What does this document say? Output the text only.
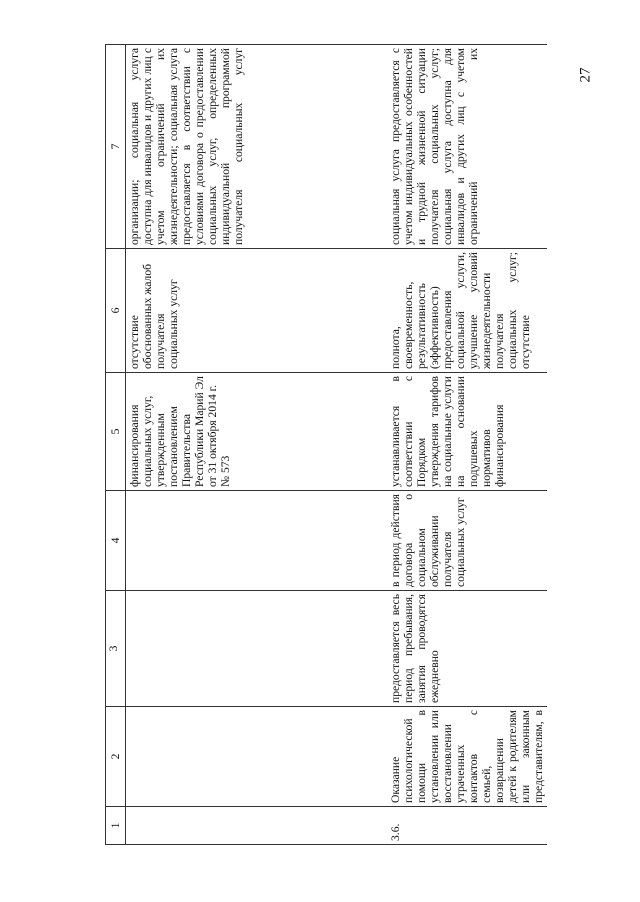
27
1	2	3	4	5	6	7
				финансирования социальных услуг, утвержденным постановлением Правительства Республики Марий Эл от 31 октября 2014 г. № 573	отсутствие обоснованных жалоб получателя социальных услуг	организации; социальная услуга доступна для инвалидов и других лиц с учетом ограничений их жизнедеятельности; социальная услуга предоставляется в соответствии с условиями договора о предоставлении социальных услуг, определенных индивидуальной программой получателя социальных услуг
3.6.	Оказание психологической помощи в установлении или восстановлении утраченных контактов с семьей, возвращении детей к родителям или законным представителям, в	предоставляется весь период пребывания, занятия проводятся ежедневно	в период действия договора о социальном обслуживании получателя социальных услуг	устанавливается в соответствии с Порядком утверждения тарифов на социальные услуги на основании подушевых нормативов финансирования	полнота, своевременность, результативность (эффективность) предоставления социальной услуги, улучшение условий жизнедеятельности получателя социальных услуг; отсутствие	социальная услуга предоставляется с учетом индивидуальных особенностей и трудной жизненной ситуации получателя социальных услуг; социальная услуга доступна для инвалидов и других лиц с учетом ограничений их
